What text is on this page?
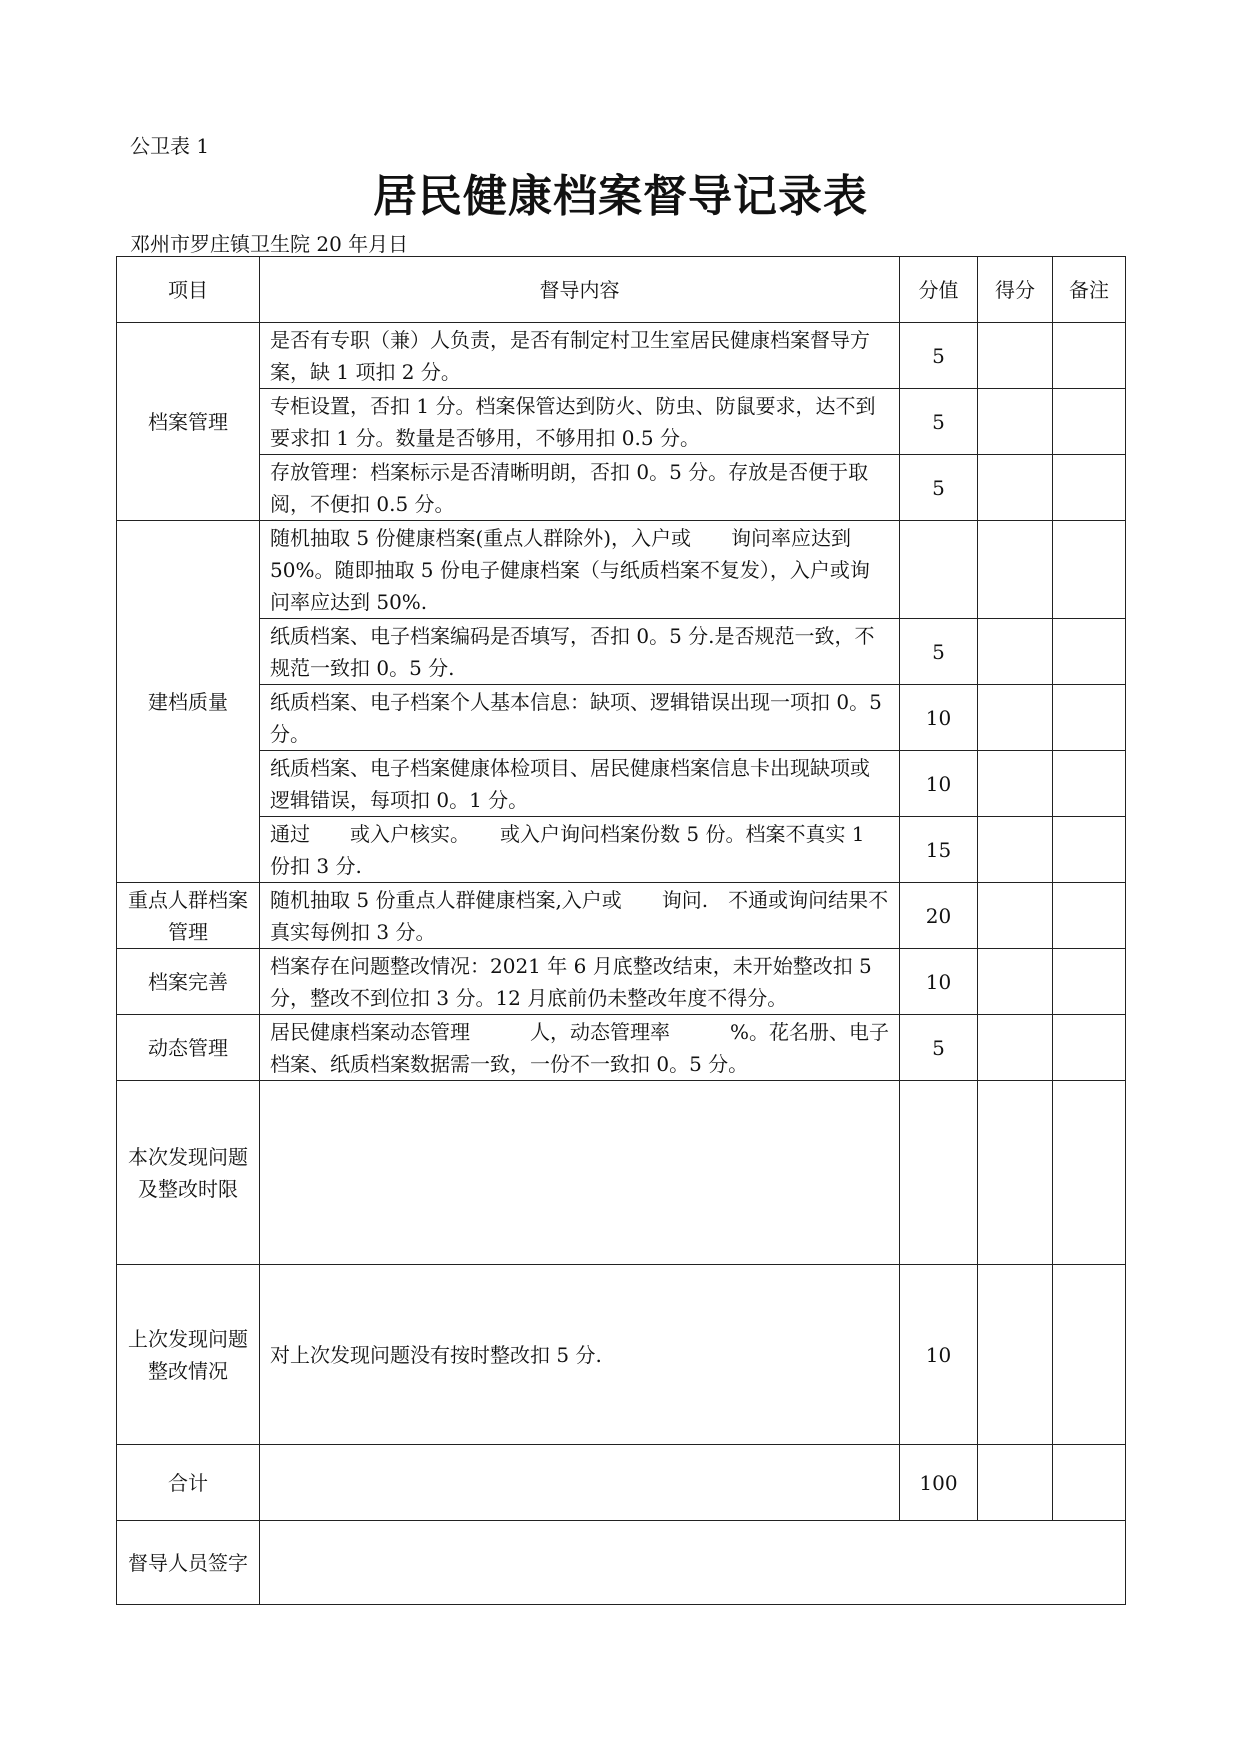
公卫表 1
居民健康档案督导记录表
邓州市罗庄镇卫生院 20 年月日
项目	督导内容	分值	得分	备注
档案管理	是否有专职（兼）人负责，是否有制定村卫生室居民健康档案督导方案，缺 1 项扣 2 分。	5		
	专柜设置，否扣 1 分。档案保管达到防火、防虫、防鼠要求，达不到要求扣 1 分。数量是否够用，不够用扣 0.5 分。	5		
	存放管理：档案标示是否清晰明朗，否扣 0。5 分。存放是否便于取阅，不便扣 0.5 分。	5		
建档质量	随机抽取 5 份健康档案(重点人群除外)，入户或　　询问率应达到 50%。随即抽取 5 份电子健康档案（与纸质档案不复发），入户或询问率应达到 50%.			
	纸质档案、电子档案编码是否填写，否扣 0。5 分.是否规范一致，不规范一致扣 0。5 分.	5		
	纸质档案、电子档案个人基本信息：缺项、逻辑错误出现一项扣 0。5 分。	10		
	纸质档案、电子档案健康体检项目、居民健康档案信息卡出现缺项或逻辑错误，每项扣 0。1 分。	10		
	通过　　或入户核实。　　或入户询问档案份数 5 份。档案不真实 1 份扣 3 分.	15		
重点人群档案管理	随机抽取 5 份重点人群健康档案,入户或　　询问.　不通或询问结果不真实每例扣 3 分。	20		
档案完善	档案存在问题整改情况：2021 年 6 月底整改结束，未开始整改扣 5 分，整改不到位扣 3 分。12 月底前仍未整改年度不得分。	10		
动态管理	居民健康档案动态管理　　　人，动态管理率　　　%。花名册、电子档案、纸质档案数据需一致，一份不一致扣 0。5 分。	5		
本次发现问题及整改时限				
上次发现问题整改情况	对上次发现问题没有按时整改扣 5 分.	10		
合计		100		
督导人员签字				
